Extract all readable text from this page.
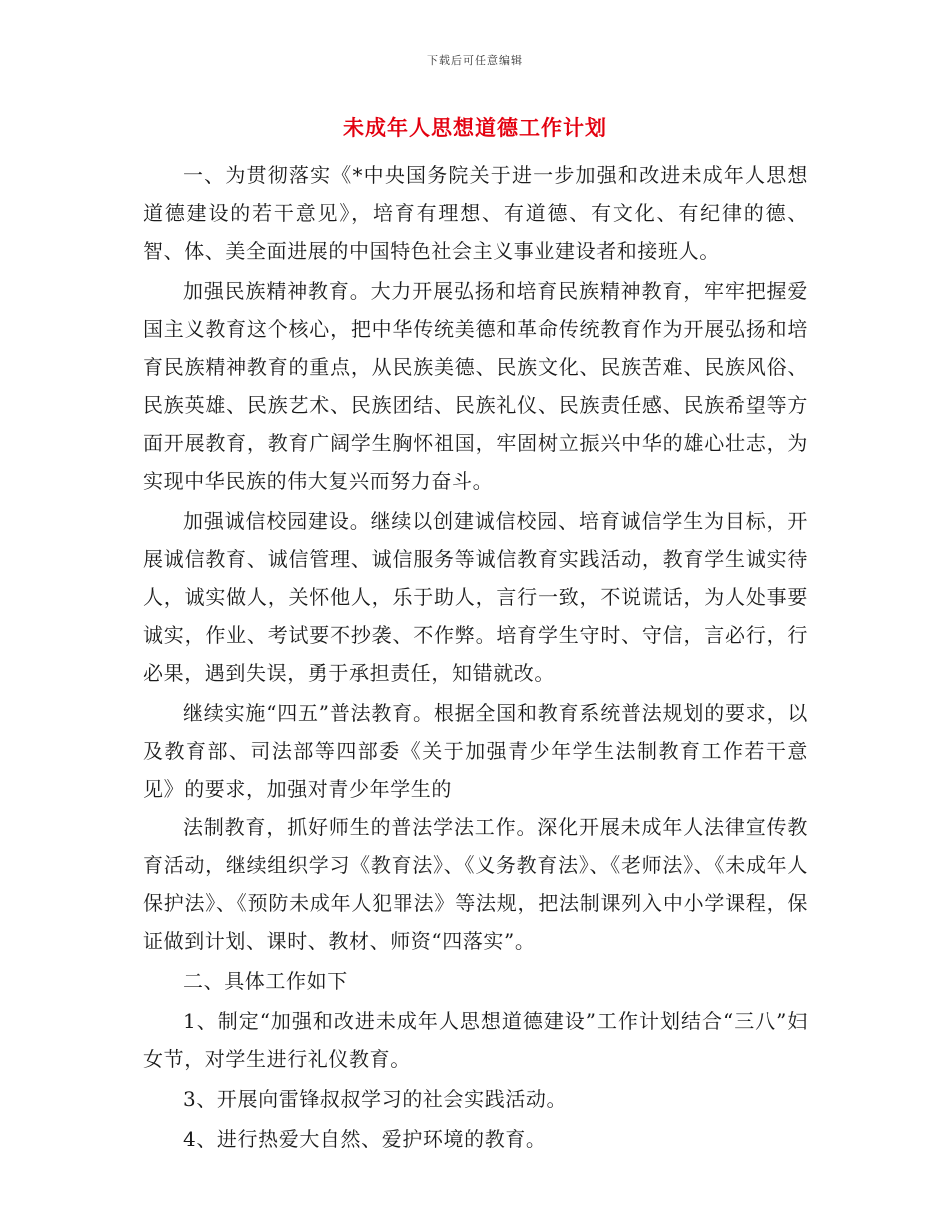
下载后可任意编辑
未成年人思想道德工作计划

一、为贯彻落实《*中央国务院关于进一步加强和改进未成年人思想道德建设的若干意见》，培育有理想、有道德、有文化、有纪律的德、智、体、美全面进展的中国特色社会主义事业建设者和接班人。

加强民族精神教育。大力开展弘扬和培育民族精神教育，牢牢把握爱国主义教育这个核心，把中华传统美德和革命传统教育作为开展弘扬和培育民族精神教育的重点，从民族美德、民族文化、民族苦难、民族风俗、民族英雄、民族艺术、民族团结、民族礼仪、民族责任感、民族希望等方面开展教育，教育广阔学生胸怀祖国，牢固树立振兴中华的雄心壮志，为实现中华民族的伟大复兴而努力奋斗。

加强诚信校园建设。继续以创建诚信校园、培育诚信学生为目标，开展诚信教育、诚信管理、诚信服务等诚信教育实践活动，教育学生诚实待人，诚实做人，关怀他人，乐于助人，言行一致，不说谎话，为人处事要诚实，作业、考试要不抄袭、不作弊。培育学生守时、守信，言必行，行必果，遇到失误，勇于承担责任，知错就改。

继续实施“四五”普法教育。根据全国和教育系统普法规划的要求，以及教育部、司法部等四部委《关于加强青少年学生法制教育工作若干意见》的要求，加强对青少年学生的

法制教育，抓好师生的普法学法工作。深化开展未成年人法律宣传教育活动，继续组织学习《教育法》、《义务教育法》、《老师法》、《未成年人保护法》、《预防未成年人犯罪法》等法规，把法制课列入中小学课程，保证做到计划、课时、教材、师资“四落实”。

二、具体工作如下

1、制定“加强和改进未成年人思想道德建设”工作计划结合“三八”妇女节，对学生进行礼仪教育。

3、开展向雷锋叔叔学习的社会实践活动。

4、进行热爱大自然、爱护环境的教育。
